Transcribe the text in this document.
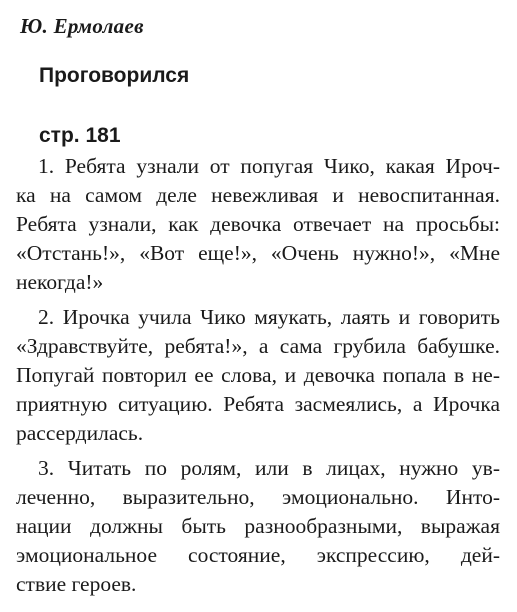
Ю. Ермолаев
Проговорился
стр. 181
1. Ребята узнали от попугая Чико, какая Ироч-
ка на самом деле невежливая и невоспитанная.
Ребята узнали, как девочка отвечает на просьбы:
«Отстань!», «Вот еще!», «Очень нужно!», «Мне
некогда!»
2. Ирочка учила Чико мяукать, лаять и говорить
«Здравствуйте, ребята!», а сама грубила бабушке.
Попугай повторил ее слова, и девочка попала в не-
приятную ситуацию. Ребята засмеялись, а Ирочка
рассердилась.
3. Читать по ролям, или в лицах, нужно ув-
леченно, выразительно, эмоционально. Инто-
нации должны быть разнообразными, выражая
эмоциональное состояние, экспрессию, дей-
ствие героев.
